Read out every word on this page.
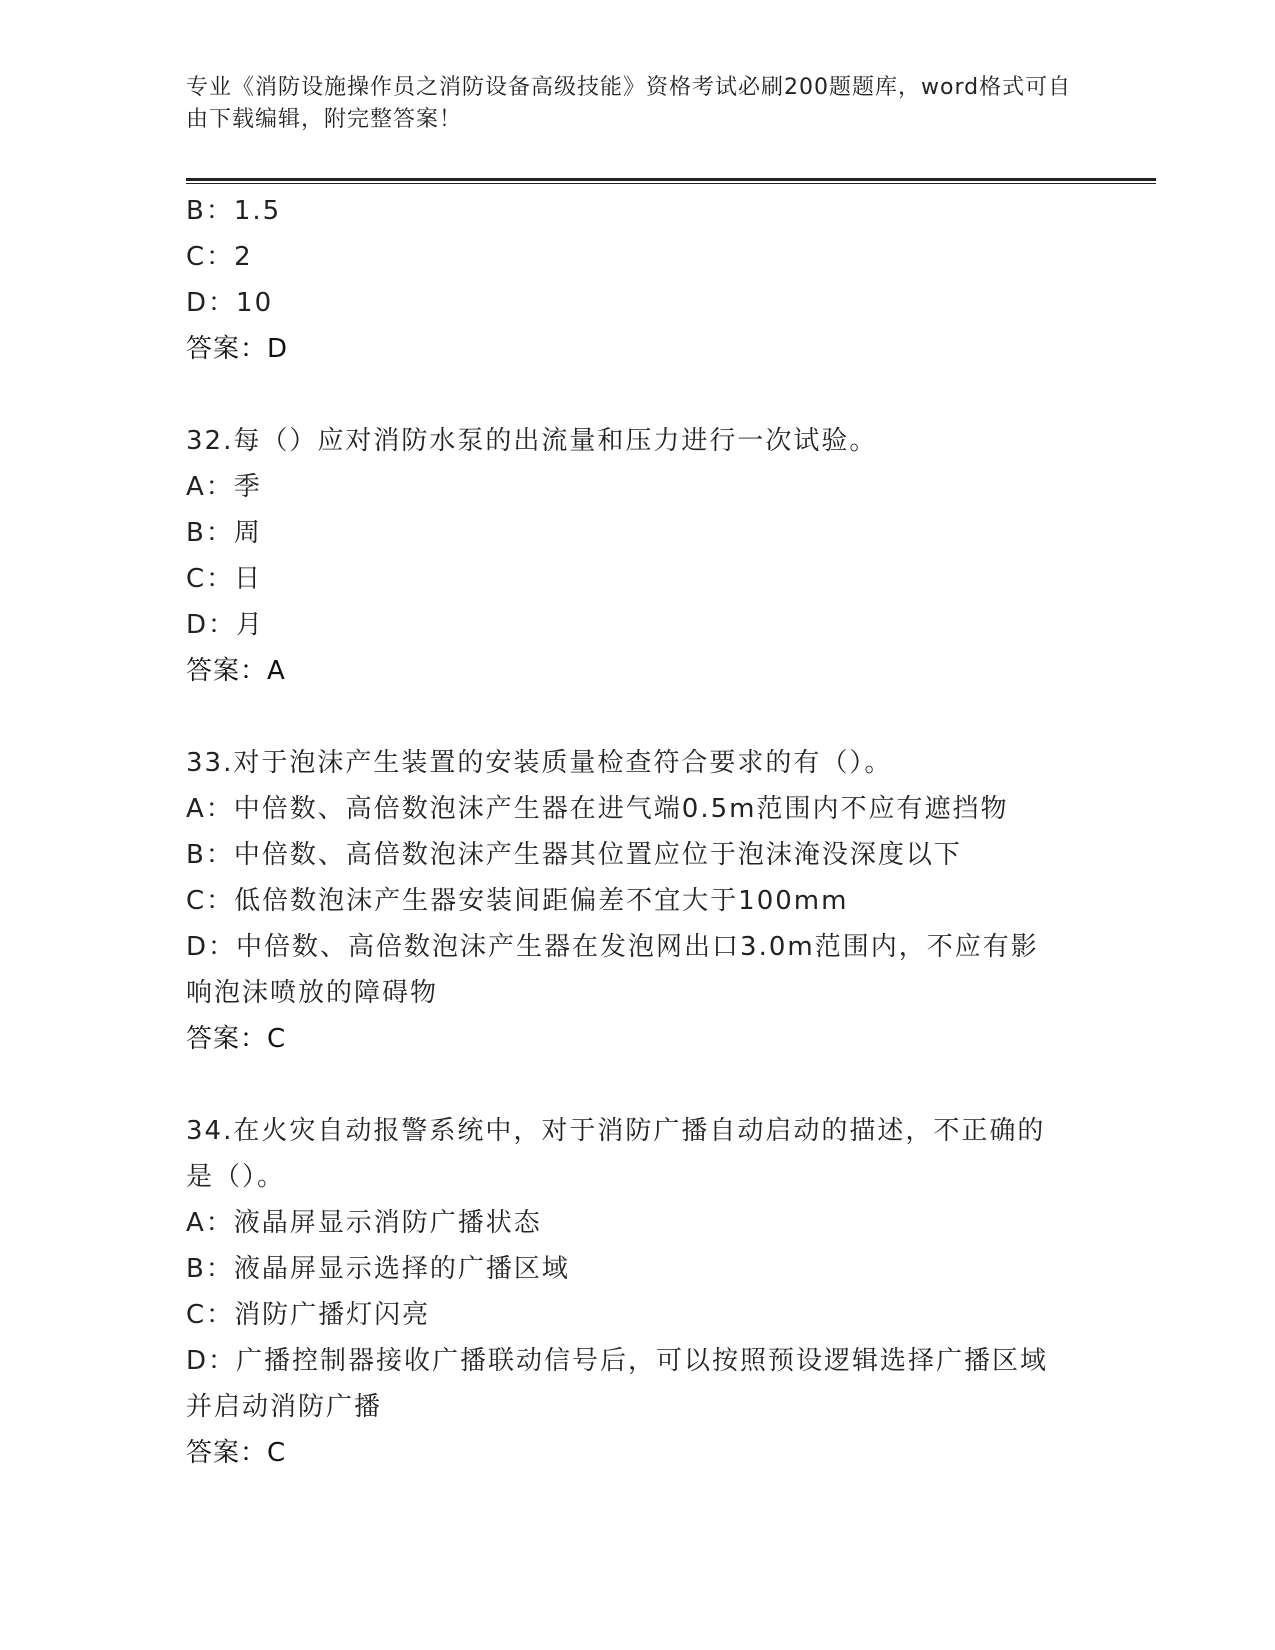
专业《消防设施操作员之消防设备高级技能》资格考试必刷200题题库，word格式可自由下载编辑，附完整答案！
B：1.5
C：2
D：10
答案：D
32.每（）应对消防水泵的出流量和压力进行一次试验。
A：季
B：周
C：日
D：月
答案：A
33.对于泡沫产生装置的安装质量检查符合要求的有（）。
A：中倍数、高倍数泡沫产生器在进气端0.5m范围内不应有遮挡物
B：中倍数、高倍数泡沫产生器其位置应位于泡沫淹没深度以下
C：低倍数泡沫产生器安装间距偏差不宜大于100mm
D：中倍数、高倍数泡沫产生器在发泡网出口3.0m范围内，不应有影响泡沫喷放的障碍物
答案：C
34.在火灾自动报警系统中，对于消防广播自动启动的描述，不正确的是（）。
A：液晶屏显示消防广播状态
B：液晶屏显示选择的广播区域
C：消防广播灯闪亮
D：广播控制器接收广播联动信号后，可以按照预设逻辑选择广播区域并启动消防广播
答案：C
